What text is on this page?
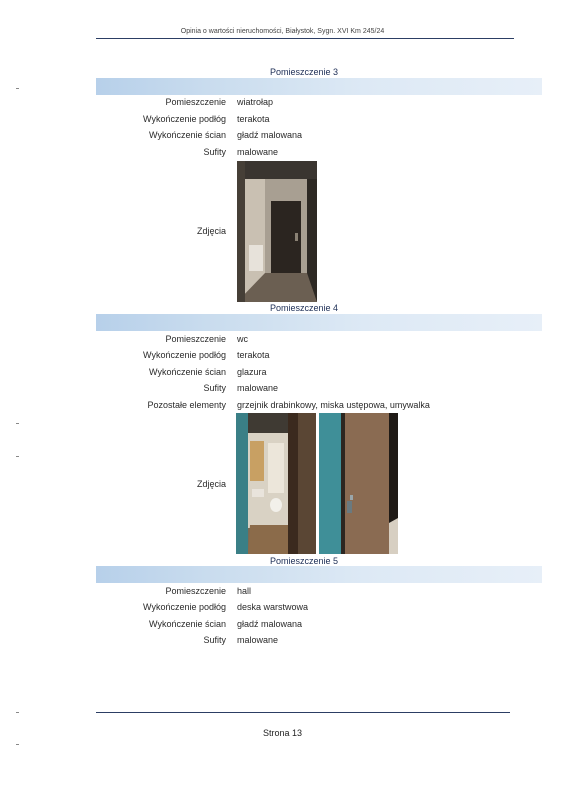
Opinia o wartości nieruchomości, Białystok, Sygn. XVI Km 245/24
Pomieszczenie 3
Pomieszczenie wiatrołap
Wykończenie podłóg terakota
Wykończenie ścian gładź malowana
Sufity malowane
Zdjęcia
Pomieszczenie 4
Pomieszczenie wc
Wykończenie podłóg terakota
Wykończenie ścian glazura
Sufity malowane
Pozostałe elementy grzejnik drabinkowy, miska ustępowa, umywalka
Zdjęcia
Pomieszczenie 5
Pomieszczenie hall
Wykończenie podłóg deska warstwowa
Wykończenie ścian gładź malowana
Sufity malowane
Strona 13
